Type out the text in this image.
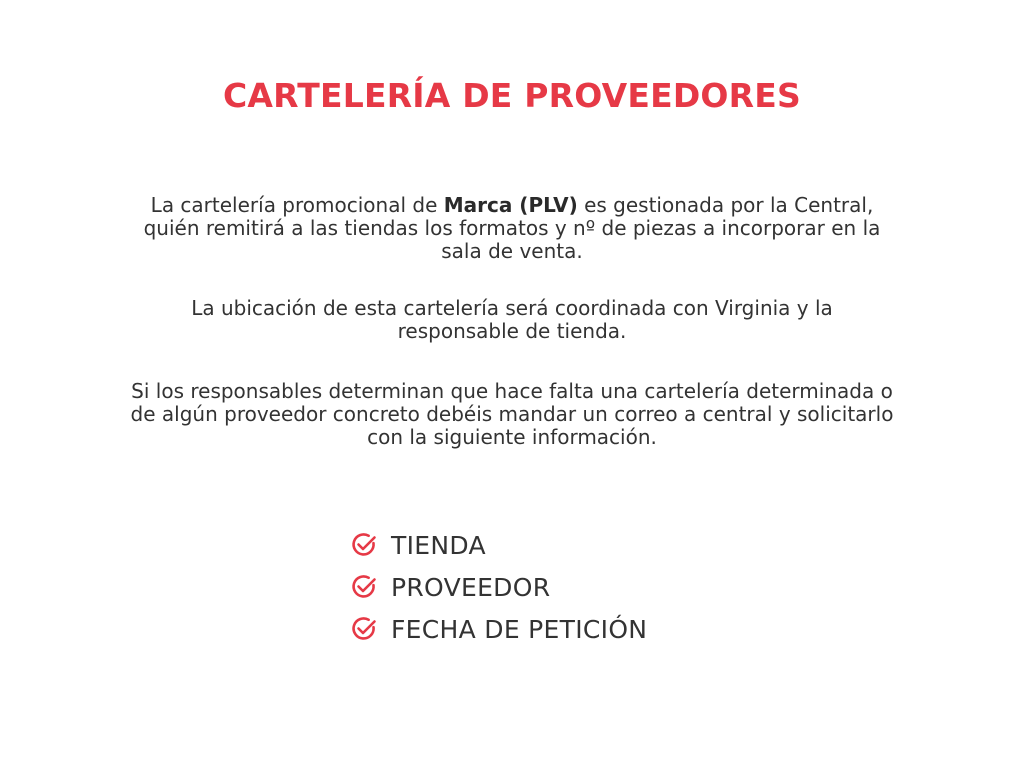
CARTELERÍA DE PROVEEDORES

La cartelería promocional de Marca (PLV) es gestionada por la Central, quién remitirá a las tiendas los formatos y nº de piezas a incorporar en la sala de venta.

La ubicación de esta cartelería será coordinada con Virginia y la responsable de tienda.

Si los responsables determinan que hace falta una cartelería determinada o de algún proveedor concreto debéis mandar un correo a central y solicitarlo con la siguiente información.

TIENDA
PROVEEDOR
FECHA DE PETICIÓN
